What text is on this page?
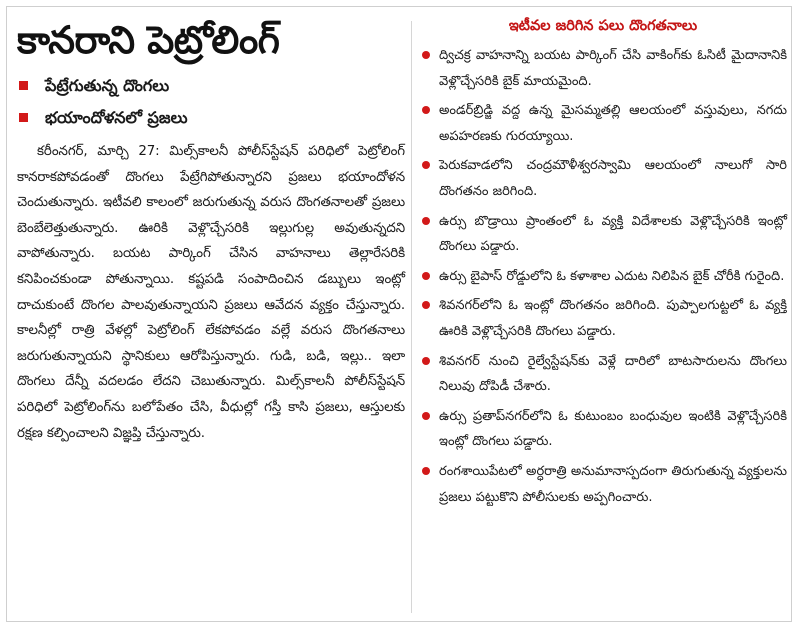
కానరాని పెట్రోలింగ్
పేట్రేగుతున్న దొంగలు
భయాందోళనలో ప్రజలు

కరీంనగర్, మార్చి 27: మిల్స్‌కాలనీ పోలీస్‌స్టేషన్ పరిధిలో పెట్రోలింగ్ కానరాకపోవడంతో దొంగలు పేట్రేగిపోతున్నారని ప్రజలు భయాందోళన చెందుతున్నారు. ఇటీవలి కాలంలో జరుగుతున్న వరుస దొంగతనాలతో ప్రజలు బెంబేలెత్తుతున్నారు. ఊరికి వెళ్లొచ్చేసరికి ఇల్లుగుల్ల అవుతున్నదని వాపోతున్నారు. బయట పార్కింగ్ చేసిన వాహనాలు తెల్లారేసరికి కనిపించకుండా పోతున్నాయి. కష్టపడి సంపాదించిన డబ్బులు ఇంట్లో దాచుకుంటే దొంగల పాలవుతున్నాయని ప్రజలు ఆవేదన వ్యక్తం చేస్తున్నారు. కాలనీల్లో రాత్రి వేళల్లో పెట్రోలింగ్ లేకపోవడం వల్లే వరుస దొంగతనాలు జరుగుతున్నాయని స్థానికులు ఆరోపిస్తున్నారు. గుడి, బడి, ఇల్లు.. ఇలా దొంగలు దేన్నీ వదలడం లేదని చెబుతున్నారు. మిల్స్‌కాలనీ పోలీస్‌స్టేషన్ పరిధిలో పెట్రోలింగ్‌ను బలోపేతం చేసి, వీధుల్లో గస్తీ కాసి ప్రజలు, ఆస్తులకు రక్షణ కల్పించాలని విజ్ఞప్తి చేస్తున్నారు.

ఇటీవల జరిగిన పలు దొంగతనాలు
ద్విచక్ర వాహనాన్ని బయట పార్కింగ్ చేసి వాకింగ్‌కు ఓసిటీ మైదానానికి వెళ్లొచ్చేసరికి బైక్ మాయమైంది.
అండర్‌బ్రిడ్జి వద్ద ఉన్న మైసమ్మతల్లి ఆలయంలో వస్తువులు, నగదు అపహరణకు గురయ్యాయి.
పెరుకవాడలోని చంద్రమౌళీశ్వరస్వామి ఆలయంలో నాలుగో సారి దొంగతనం జరిగింది.
ఉర్సు బొడ్రాయి ప్రాంతంలో ఓ వ్యక్తి విదేశాలకు వెళ్లొచ్చేసరికి ఇంట్లో దొంగలు పడ్డారు.
ఉర్సు బైపాస్ రోడ్డులోని ఓ కళాశాల ఎదుట నిలిపిన బైక్ చోరీకి గురైంది.
శివనగర్‌లోని ఓ ఇంట్లో దొంగతనం జరిగింది. పుప్పాలగుట్టలో ఓ వ్యక్తి ఊరికి వెళ్లొచ్చేసరికి దొంగలు పడ్డారు.
శివనగర్ నుంచి రైల్వేస్టేషన్‌కు వెళ్లే దారిలో బాటసారులను దొంగలు నిలువు దోపిడీ చేశారు.
ఉర్సు ప్రతాప్‌నగర్‌లోని ఓ కుటుంబం బంధువుల ఇంటికి వెళ్లొచ్చేసరికి ఇంట్లో దొంగలు పడ్డారు.
రంగశాయిపేటలో అర్ధరాత్రి అనుమానాస్పదంగా తిరుగుతున్న వ్యక్తులను ప్రజలు పట్టుకొని పోలీసులకు అప్పగించారు.
